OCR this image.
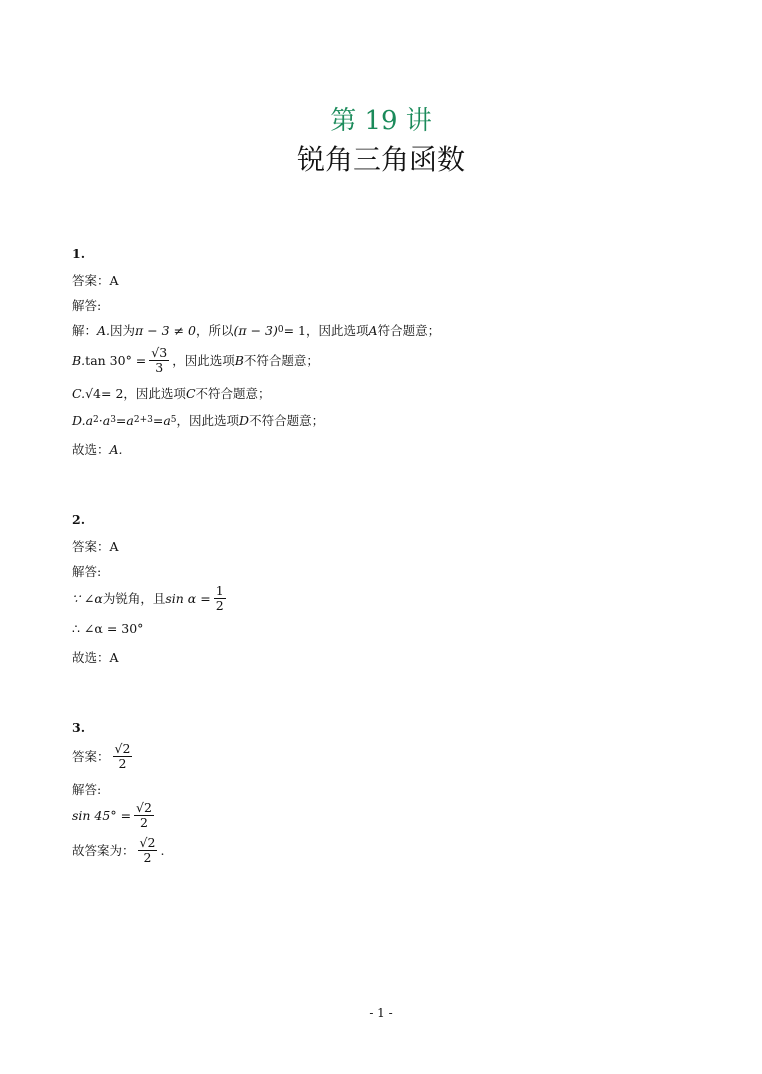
第 19 讲
锐角三角函数
1.
答案： A
解答:
解： A. 因为 π − 3 ≠ 0 ，所以 (π − 3) 0 = 1 ，因此选项 A 符合题意；
B. $\tan 30^\circ = \frac{√3}{3}$ ，因此选项 B 不符合题意；
C. √4 = 2 ，因此选项 C 不符合题意；
D. a 2 · a 3 = a 2+3 = a 5 ，因此选项 D 不符合题意；
故选： A.
2.
答案： A
解答:
∵ ∠α 为锐角，且 $\sin \alpha = \frac{1}{2}$
∴ ∠α = 30°
故选： A
3.
答案： $\frac{√2}{2}$
解答:
$\sin 45^\circ = \frac{√2}{2}$
故答案为： $\frac{√2}{2}$ .
- 1 -
